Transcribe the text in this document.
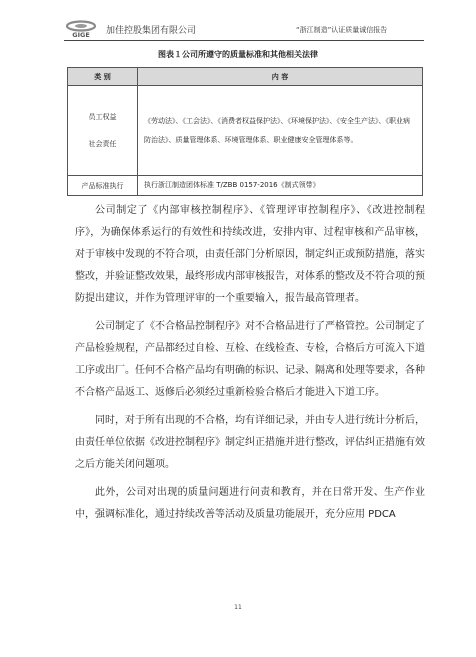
GIGE 加佳控股集团有限公司	“浙江制造”认证质量诚信报告
图表１公司所遵守的质量标准和其他相关法律
类 别	内 容

员工权益
社会责任	《劳动法》、《工会法》、《消费者权益保护法》、《环境保护法》、《安全生产法》、《职业病防治法》、质量管理体系、环境管理体系、职业健康安全管理体系等。
产品标准执行	执行浙江制造团体标准 T/ZBB 0157-2016《制式领带》

公司制定了《内部审核控制程序》、《管理评审控制程序》、《改进控制程序》，为确保体系运行的有效性和持续改进，安排内审、过程审核和产品审核，对于审核中发现的不符合项，由责任部门分析原因，制定纠正或预防措施，落实整改，并验证整改效果，最终形成内部审核报告，对体系的整改及不符合项的预防提出建议，并作为管理评审的一个重要输入，报告最高管理者。

公司制定了《不合格品控制程序》对不合格品进行了严格管控。公司制定了产品检验规程，产品都经过自检、互检、在线检查、专检，合格后方可流入下道工序或出厂。任何不合格产品均有明确的标识、记录、隔离和处理等要求，各种不合格产品返工、返修后必须经过重新检验合格后才能进入下道工序。

同时，对于所有出现的不合格，均有详细记录，并由专人进行统计分析后，由责任单位依据《改进控制程序》制定纠正措施并进行整改，评估纠正措施有效之后方能关闭问题项。

此外，公司对出现的质量问题进行问责和教育，并在日常开发、生产作业中，强调标准化，通过持续改善等活动及质量功能展开，充分应用 PDCA

11
